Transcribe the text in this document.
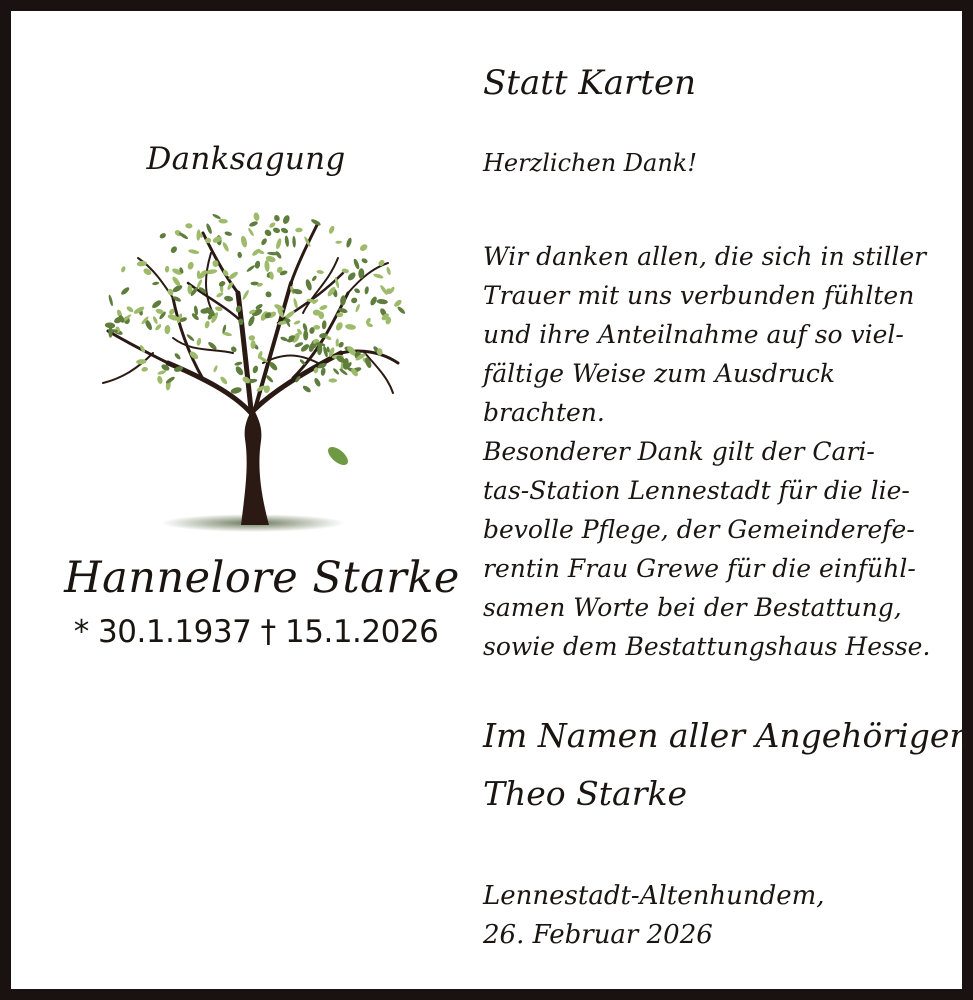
Danksagung
Hannelore Starke
* 30.1.1937 † 15.1.2026
Statt Karten
Herzlichen Dank!
Wir danken allen, die sich in stiller
Trauer mit uns verbunden fühlten
und ihre Anteilnahme auf so viel-
fältige Weise zum Ausdruck
brachten.
Besonderer Dank gilt der Cari-
tas-Station Lennestadt für die lie-
bevolle Pflege, der Gemeinderefe-
rentin Frau Grewe für die einfühl-
samen Worte bei der Bestattung,
sowie dem Bestattungshaus Hesse.
Im Namen aller Angehörigen
Theo Starke
Lennestadt-Altenhundem,
26. Februar 2026
